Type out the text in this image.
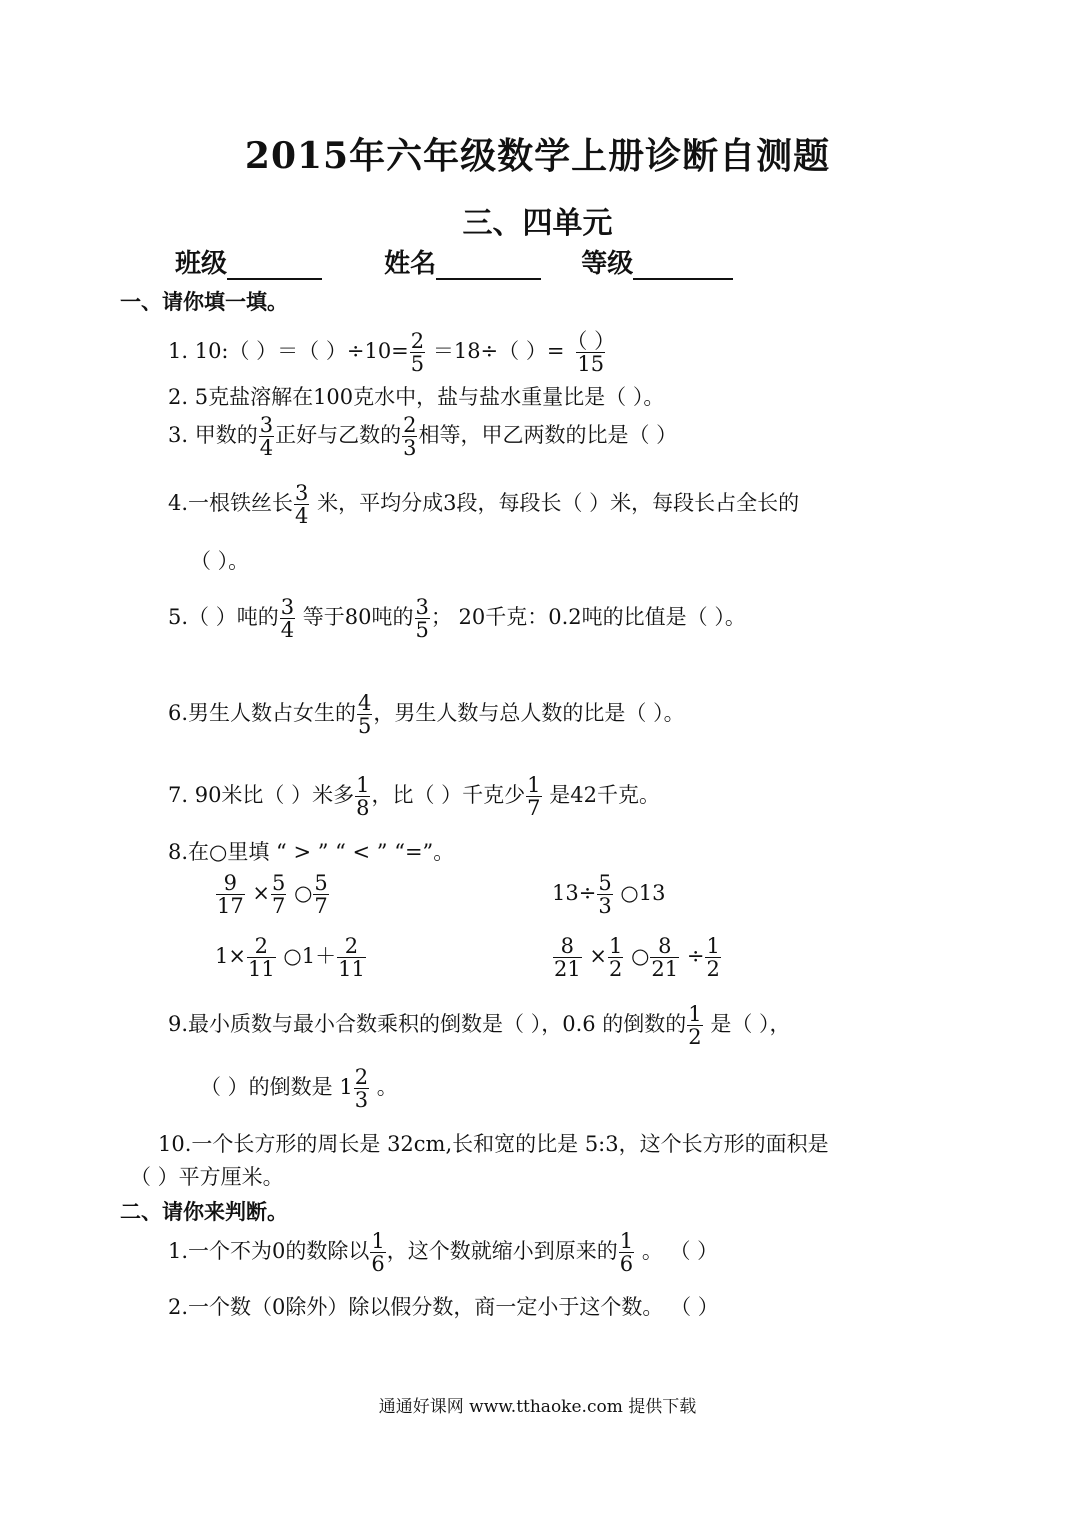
2015年六年级数学上册诊断自测题
三、四单元
班级	姓名	等级
一、请你填一填。
1. 10:（ ）＝（ ）$\div 10= \frac{2}{5} =18\div$（ ）= $\frac{( )}{15}$
2. 5克盐溶解在100克水中，盐与盐水重量比是（ ）。
3. 甲数的 $\frac{3}{4}$ 正好与乙数的 $\frac{2}{3}$ 相等，甲乙两数的比是（ ）
4.一根铁丝长 $\frac{3}{4}$ 米，平均分成3段，每段长（ ）米，每段长占全长的
（ ）。
5.（ ）吨的 $\frac{3}{4}$ 等于80吨的 $\frac{3}{5}$ ； 20千克：0.2吨的比值是（ ）。
6.男生人数占女生的 $\frac{4}{5}$ ，男生人数与总人数的比是（ ）。
7. 90米比（ ）米多 $\frac{1}{8}$ ，比（ ）千克少 $\frac{1}{7}$ 是42千克。
8.在○里填 “ > ” “ < ” “=”。
$\frac{9}{17} \times \frac{5}{7}$ ○ $\frac{5}{7}$	$13\div \frac{5}{3}$ ○13
$1\times \frac{2}{11}$ ○1＋ $\frac{2}{11}$	$\frac{8}{21} \times \frac{1}{2}$ ○ $\frac{8}{21} \div \frac{1}{2}$
9.最小质数与最小合数乘积的倒数是（ ），0.6 的倒数的 $\frac{1}{2}$ 是（ ），
（ ）的倒数是 $1 \frac{2}{3}$ 。
10.一个长方形的周长是 32cm,长和宽的比是 5:3，这个长方形的面积是
（ ）平方厘米。
二、请你来判断。
1.一个不为0的数除以 $\frac{1}{6}$ ，这个数就缩小到原来的 $\frac{1}{6}$ 。 （ ）
2.一个数（0除外）除以假分数，商一定小于这个数。 （ ）
通通好课网 www.tthaoke.com 提供下载
